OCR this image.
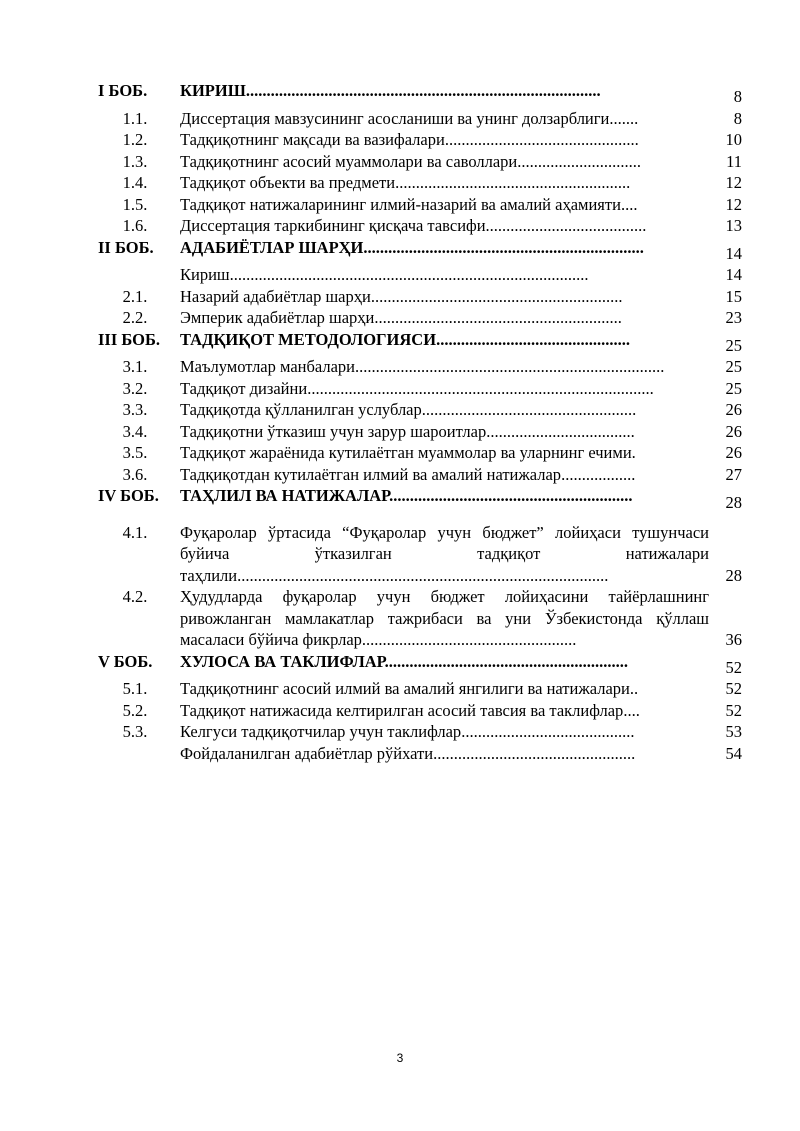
I БОБ.	КИРИШ......................................................................................	8
1.1.	Диссертация мавзусининг асосланиши ва унинг долзарблиги.......	8
1.2.	Тадқиқотнинг мақсади ва вазифалари...............................................	10
1.3.	Тадқиқотнинг асосий муаммолари ва саволлари..............................	11
1.4.	Тадқиқот объекти ва предмети.........................................................	12
1.5.	Тадқиқот натижаларининг илмий-назарий ва амалий аҳамияти....	12
1.6.	Диссертация таркибининг қисқача тавсифи.......................................	13
II БОБ.	АДАБИЁТЛАР ШАРҲИ....................................................................	14
Кириш.......................................................................................	14
2.1.	Назарий адабиётлар шарҳи.............................................................	15
2.2.	Эмперик адабиётлар шарҳи............................................................	23
III БОБ.	ТАДҚИҚОТ МЕТОДОЛОГИЯСИ...............................................	25
3.1.	Маълумотлар манбалари...........................................................................	25
3.2.	Тадқиқот дизайни....................................................................................	25
3.3.	Тадқиқотда қўлланилган услублар....................................................	26
3.4.	Тадқиқотни ўтказиш учун зарур шароитлар....................................	26
3.5.	Тадқиқот жараёнида кутилаётган муаммолар ва уларнинг ечими.	26
3.6.	Тадқиқотдан кутилаётган илмий ва амалий натижалар..................	27
IV БОБ.	ТАҲЛИЛ ВА НАТИЖАЛАР...........................................................	28
4.1.	Фуқаролар ўртасида “Фуқаролар учун бюджет” лойиҳаси тушунчаси буйича ўтказилган тадқиқот натижалари таҳлили..........................................................................................	28
4.2.	Ҳудудларда фуқаролар учун бюджет лойиҳасини тайёрлашнинг ривожланган мамлакатлар тажрибаси ва уни Ўзбекистонда қўллаш масаласи бўйича фикрлар....................................................	36
V БОБ.	ХУЛОСА ВА ТАКЛИФЛАР...........................................................	52
5.1.	Тадқиқотнинг асосий илмий ва амалий янгилиги ва натижалари..	52
5.2.	Тадқиқот натижасида келтирилган асосий тавсия ва таклифлар....	52
5.3.	Келгуси тадқиқотчилар учун таклифлар..........................................	53
Фойдаланилган адабиётлар рўйхати.................................................	54
3
